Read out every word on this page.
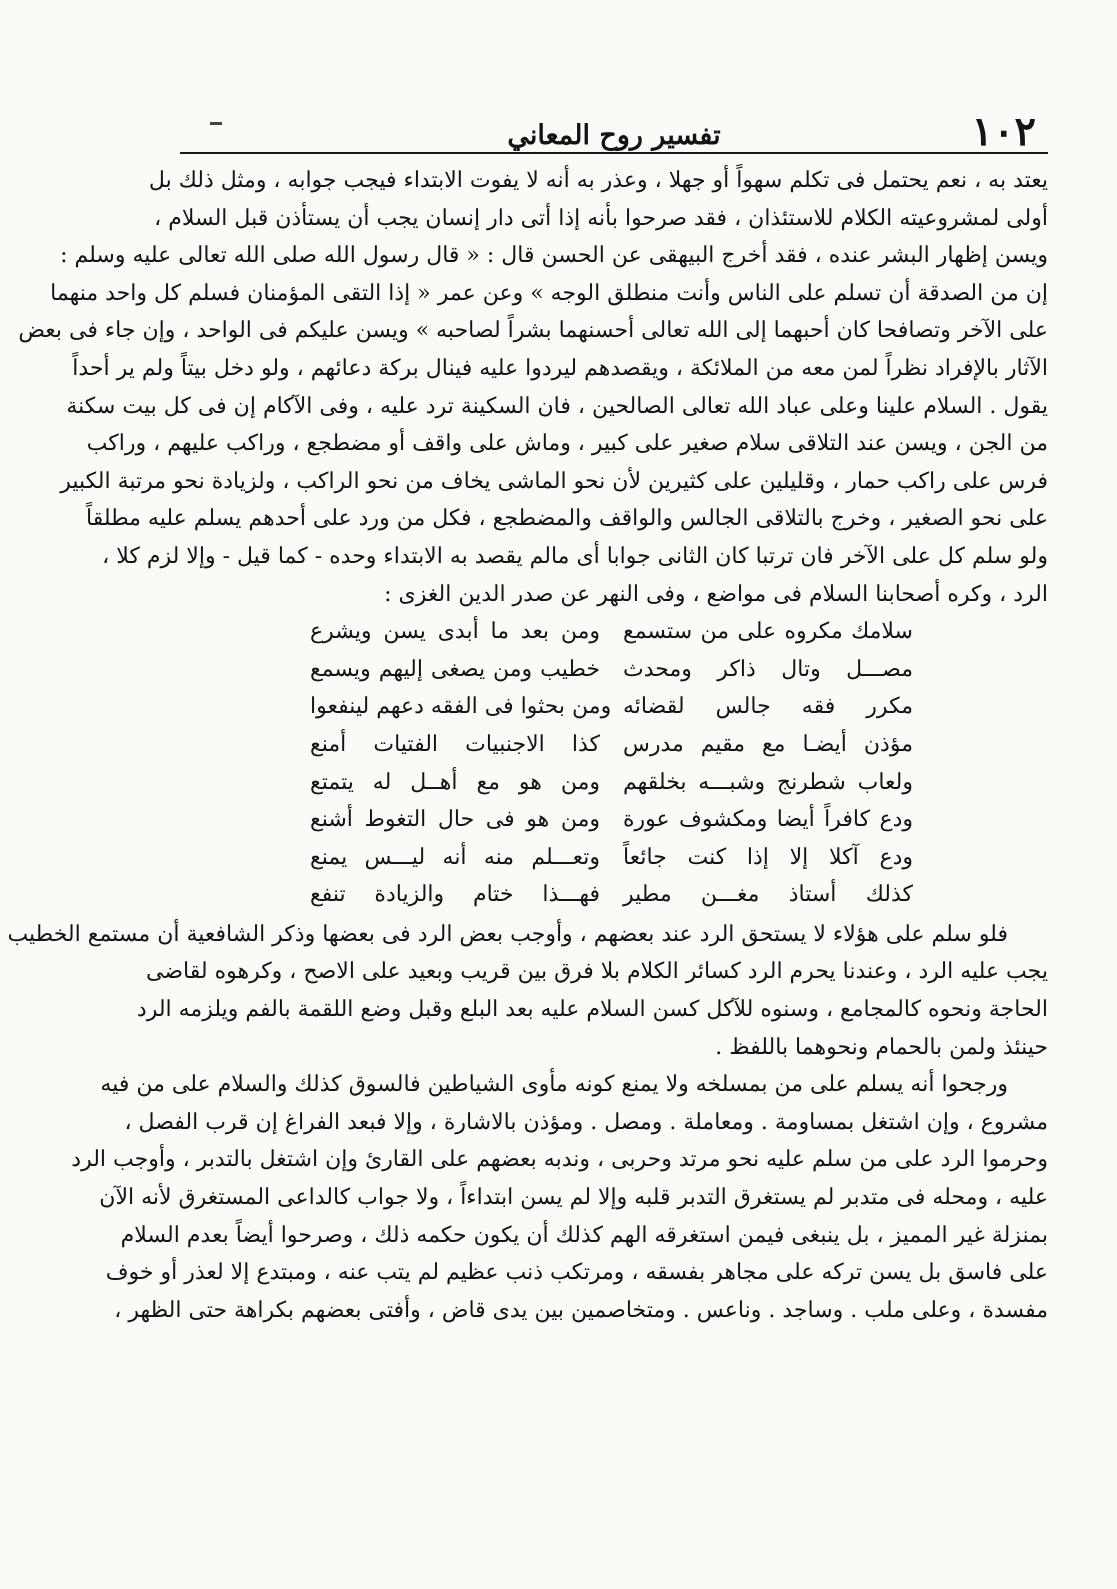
١٠٢
تفسير روح المعاني
يعتد به ، نعم يحتمل فى تكلم سهواً أو جهلا ، وعذر به أنه لا يفوت الابتداء فيجب جوابه ، ومثل ذلك بل
أولى لمشروعيته الكلام للاستئذان ، فقد صرحوا بأنه إذا أتى دار إنسان يجب أن يستأذن قبل السلام ،
ويسن إظهار البشر عنده ، فقد أخرج البيهقى عن الحسن قال : « قال رسول الله صلى الله تعالى عليه وسلم :
إن من الصدقة أن تسلم على الناس وأنت منطلق الوجه » وعن عمر « إذا التقى المؤمنان فسلم كل واحد منهما
على الآخر وتصافحا كان أحبهما إلى الله تعالى أحسنهما بشراً لصاحبه » ويسن عليكم فى الواحد ، وإن جاء فى بعض
الآثار بالإفراد نظراً لمن معه من الملائكة ، ويقصدهم ليردوا عليه فينال بركة دعائهم ، ولو دخل بيتاً ولم ير أحداً
يقول . السلام علينا وعلى عباد الله تعالى الصالحين ، فان السكينة ترد عليه ، وفى الآكام إن فى كل بيت سكنة
من الجن ، ويسن عند التلاقى سلام صغير على كبير ، وماش على واقف أو مضطجع ، وراكب عليهم ، وراكب
فرس على راكب حمار ، وقليلين على كثيرين لأن نحو الماشى يخاف من نحو الراكب ، ولزيادة نحو مرتبة الكبير
على نحو الصغير ، وخرج بالتلاقى الجالس والواقف والمضطجع ، فكل من ورد على أحدهم يسلم عليه مطلقاً
ولو سلم كل على الآخر فان ترتبا كان الثانى جوابا أى مالم يقصد به الابتداء وحده - كما قيل - وإلا لزم كلا ،
الرد ، وكره أصحابنا السلام فى مواضع ، وفى النهر عن صدر الدين الغزى :
سلامك مكروه على من ستسمع
ومن بعد ما أبدى يسن ويشرع
مصـــل وتال ذاكر ومحدث
خطيب ومن يصغى إليهم ويسمع
مكرر فقه جالس لقضائه
ومن بحثوا فى الفقه دعهم لينفعوا
مؤذن أيضـا مع مقيم مدرس
كذا الاجنبيات الفتيات أمنع
ولعاب شطرنج وشبـــه بخلقهم
ومن هو مع أهــل له يتمتع
ودع كافراً أيضا ومكشوف عورة
ومن هو فى حال التغوط أشنع
ودع آكلا إلا إذا كنت جائعاً
وتعـــلم منه أنه ليـــس يمنع
كذلك أستاذ مغـــن مطير
فهـــذا ختام والزيادة تنفع
فلو سلم على هؤلاء لا يستحق الرد عند بعضهم ، وأوجب بعض الرد فى بعضها وذكر الشافعية أن مستمع الخطيب
يجب عليه الرد ، وعندنا يحرم الرد كسائر الكلام بلا فرق بين قريب وبعيد على الاصح ، وكرهوه لقاضى
الحاجة ونحوه كالمجامع ، وسنوه للآكل كسن السلام عليه بعد البلع وقبل وضع اللقمة بالفم ويلزمه الرد
حينئذ ولمن بالحمام ونحوهما باللفظ .
ورجحوا أنه يسلم على من بمسلخه ولا يمنع كونه مأوى الشياطين فالسوق كذلك والسلام على من فيه
مشروع ، وإن اشتغل بمساومة . ومعاملة . ومصل . ومؤذن بالاشارة ، وإلا فبعد الفراغ إن قرب الفصل ،
وحرموا الرد على من سلم عليه نحو مرتد وحربى ، وندبه بعضهم على القارئ وإن اشتغل بالتدبر ، وأوجب الرد
عليه ، ومحله فى متدبر لم يستغرق التدبر قلبه وإلا لم يسن ابتداءاً ، ولا جواب كالداعى المستغرق لأنه الآن
بمنزلة غير المميز ، بل ينبغى فيمن استغرقه الهم كذلك أن يكون حكمه ذلك ، وصرحوا أيضاً بعدم السلام
على فاسق بل يسن تركه على مجاهر بفسقه ، ومرتكب ذنب عظيم لم يتب عنه ، ومبتدع إلا لعذر أو خوف
مفسدة ، وعلى ملب . وساجد . وناعس . ومتخاصمين بين يدى قاض ، وأفتى بعضهم بكراهة حتى الظهر ،
